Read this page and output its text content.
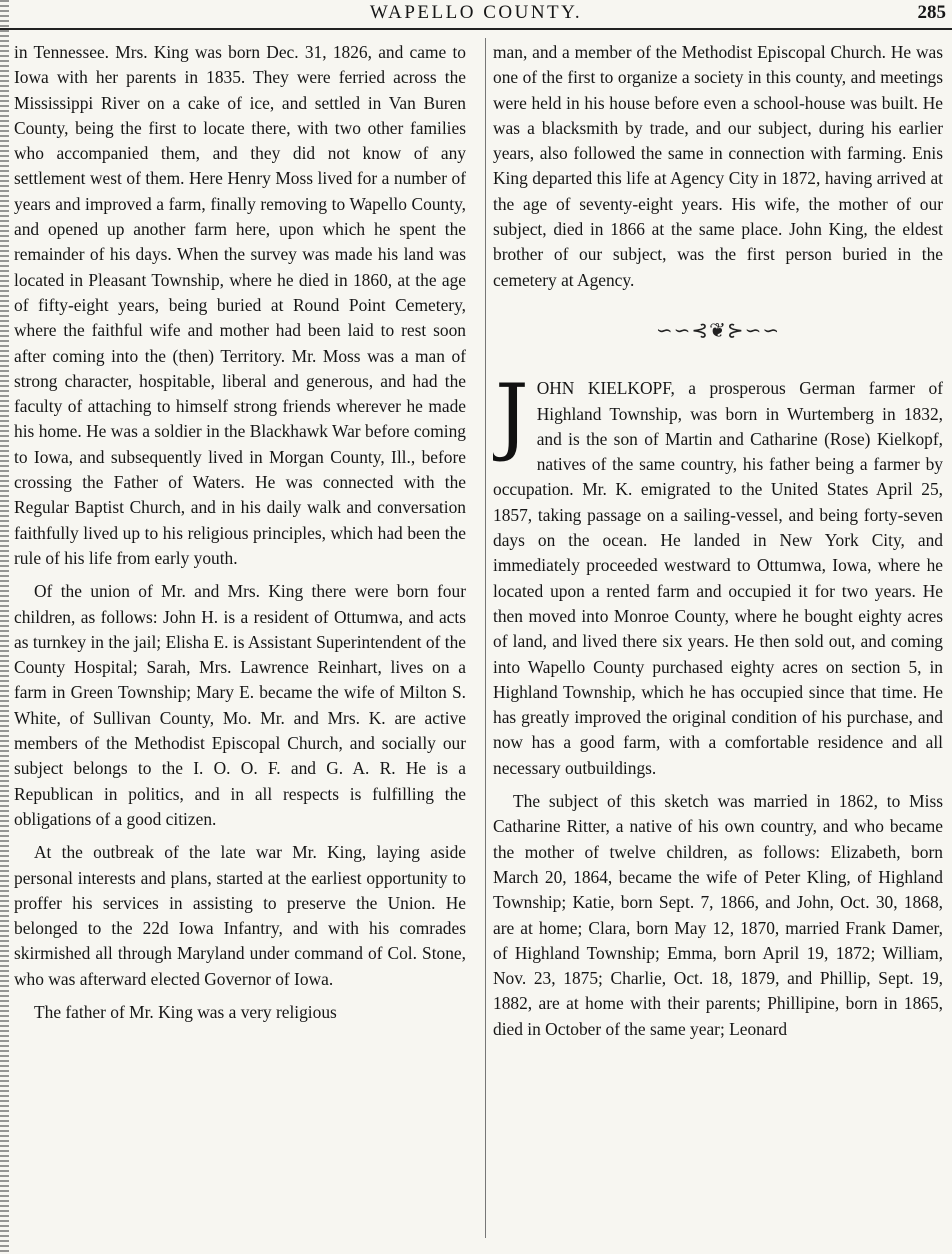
WAPELLO COUNTY.	285

in Tennessee. Mrs. King was born Dec. 31, 1826, and came to Iowa with her parents in 1835. They were ferried across the Mississippi River on a cake of ice, and settled in Van Buren County, being the first to locate there, with two other families who accompanied them, and they did not know of any settlement west of them. Here Henry Moss lived for a number of years and improved a farm, finally removing to Wapello County, and opened up another farm here, upon which he spent the remainder of his days. When the survey was made his land was located in Pleasant Township, where he died in 1860, at the age of fifty-eight years, being buried at Round Point Cemetery, where the faithful wife and mother had been laid to rest soon after coming into the (then) Territory. Mr. Moss was a man of strong character, hospitable, liberal and generous, and had the faculty of attaching to himself strong friends wherever he made his home. He was a soldier in the Blackhawk War before coming to Iowa, and subsequently lived in Morgan County, Ill., before crossing the Father of Waters. He was connected with the Regular Baptist Church, and in his daily walk and conversation faithfully lived up to his religious principles, which had been the rule of his life from early youth.

Of the union of Mr. and Mrs. King there were born four children, as follows: John H. is a resident of Ottumwa, and acts as turnkey in the jail; Elisha E. is Assistant Superintendent of the County Hospital; Sarah, Mrs. Lawrence Reinhart, lives on a farm in Green Township; Mary E. became the wife of Milton S. White, of Sullivan County, Mo. Mr. and Mrs. K. are active members of the Methodist Episcopal Church, and socially our subject belongs to the I. O. O. F. and G. A. R. He is a Republican in politics, and in all respects is fulfilling the obligations of a good citizen.

At the outbreak of the late war Mr. King, laying aside personal interests and plans, started at the earliest opportunity to proffer his services in assisting to preserve the Union. He belonged to the 22d Iowa Infantry, and with his comrades skirmished all through Maryland under command of Col. Stone, who was afterward elected Governor of Iowa.

The father of Mr. King was a very religious

man, and a member of the Methodist Episcopal Church. He was one of the first to organize a society in this county, and meetings were held in his house before even a school-house was built. He was a blacksmith by trade, and our subject, during his earlier years, also followed the same in connection with farming. Enis King departed this life at Agency City in 1872, having arrived at the age of seventy-eight years. His wife, the mother of our subject, died in 1866 at the same place. John King, the eldest brother of our subject, was the first person buried in the cemetery at Agency.

∽∽⊰❦⊱∽∽

JOHN KIELKOPF, a prosperous German farmer of Highland Township, was born in Wurtemberg in 1832, and is the son of Martin and Catharine (Rose) Kielkopf, natives of the same country, his father being a farmer by occupation. Mr. K. emigrated to the United States April 25, 1857, taking passage on a sailing-vessel, and being forty-seven days on the ocean. He landed in New York City, and immediately proceeded westward to Ottumwa, Iowa, where he located upon a rented farm and occupied it for two years. He then moved into Monroe County, where he bought eighty acres of land, and lived there six years. He then sold out, and coming into Wapello County purchased eighty acres on section 5, in Highland Township, which he has occupied since that time. He has greatly improved the original condition of his purchase, and now has a good farm, with a comfortable residence and all necessary outbuildings.

The subject of this sketch was married in 1862, to Miss Catharine Ritter, a native of his own country, and who became the mother of twelve children, as follows: Elizabeth, born March 20, 1864, became the wife of Peter Kling, of Highland Township; Katie, born Sept. 7, 1866, and John, Oct. 30, 1868, are at home; Clara, born May 12, 1870, married Frank Damer, of Highland Township; Emma, born April 19, 1872; William, Nov. 23, 1875; Charlie, Oct. 18, 1879, and Phillip, Sept. 19, 1882, are at home with their parents; Phillipine, born in 1865, died in October of the same year; Leonard
